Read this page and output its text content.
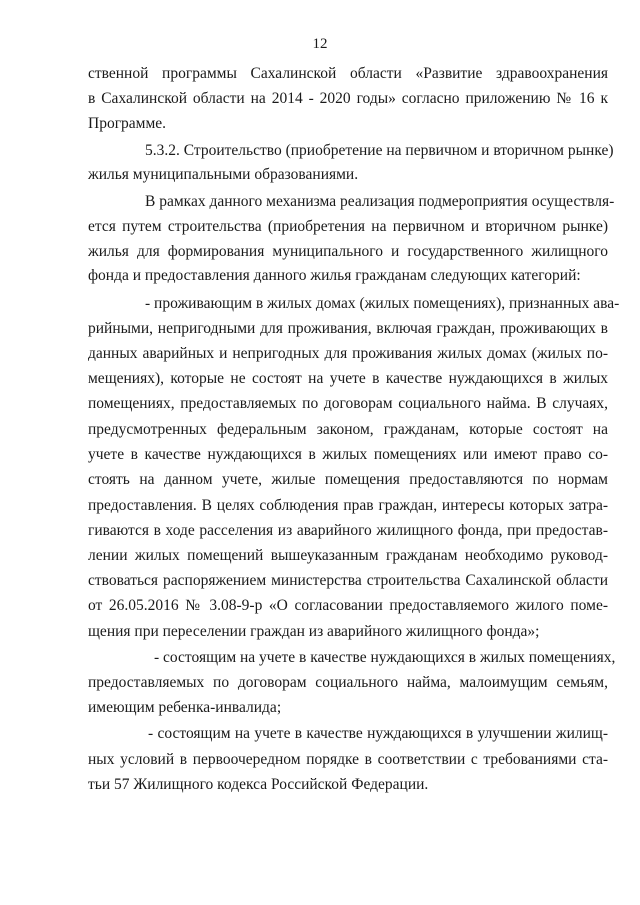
12
ственной программы Сахалинской области «Развитие здравоохранения
в Сахалинской области на 2014 - 2020 годы» согласно приложению № 16 к
Программе.
5.3.2. Строительство (приобретение на первичном и вторичном рынке)
жилья муниципальными образованиями.
В рамках данного механизма реализация подмероприятия осуществля-
ется путем строительства (приобретения на первичном и вторичном рынке)
жилья для формирования муниципального и государственного жилищного
фонда и предоставления данного жилья гражданам следующих категорий:
- проживающим в жилых домах (жилых помещениях), признанных ава-
рийными, непригодными для проживания, включая граждан, проживающих в
данных аварийных и непригодных для проживания жилых домах (жилых по-
мещениях), которые не состоят на учете в качестве нуждающихся в жилых
помещениях, предоставляемых по договорам социального найма. В случаях,
предусмотренных федеральным законом, гражданам, которые состоят на
учете в качестве нуждающихся в жилых помещениях или имеют право со-
стоять на данном учете, жилые помещения предоставляются по нормам
предоставления. В целях соблюдения прав граждан, интересы которых затра-
гиваются в ходе расселения из аварийного жилищного фонда, при предостав-
лении жилых помещений вышеуказанным гражданам необходимо руковод-
ствоваться распоряжением министерства строительства Сахалинской области
от 26.05.2016 № 3.08-9-р «О согласовании предоставляемого жилого поме-
щения при переселении граждан из аварийного жилищного фонда»;
- состоящим на учете в качестве нуждающихся в жилых помещениях,
предоставляемых по договорам социального найма, малоимущим семьям,
имеющим ребенка-инвалида;
- состоящим на учете в качестве нуждающихся в улучшении жилищ-
ных условий в первоочередном порядке в соответствии с требованиями ста-
тьи 57 Жилищного кодекса Российской Федерации.
